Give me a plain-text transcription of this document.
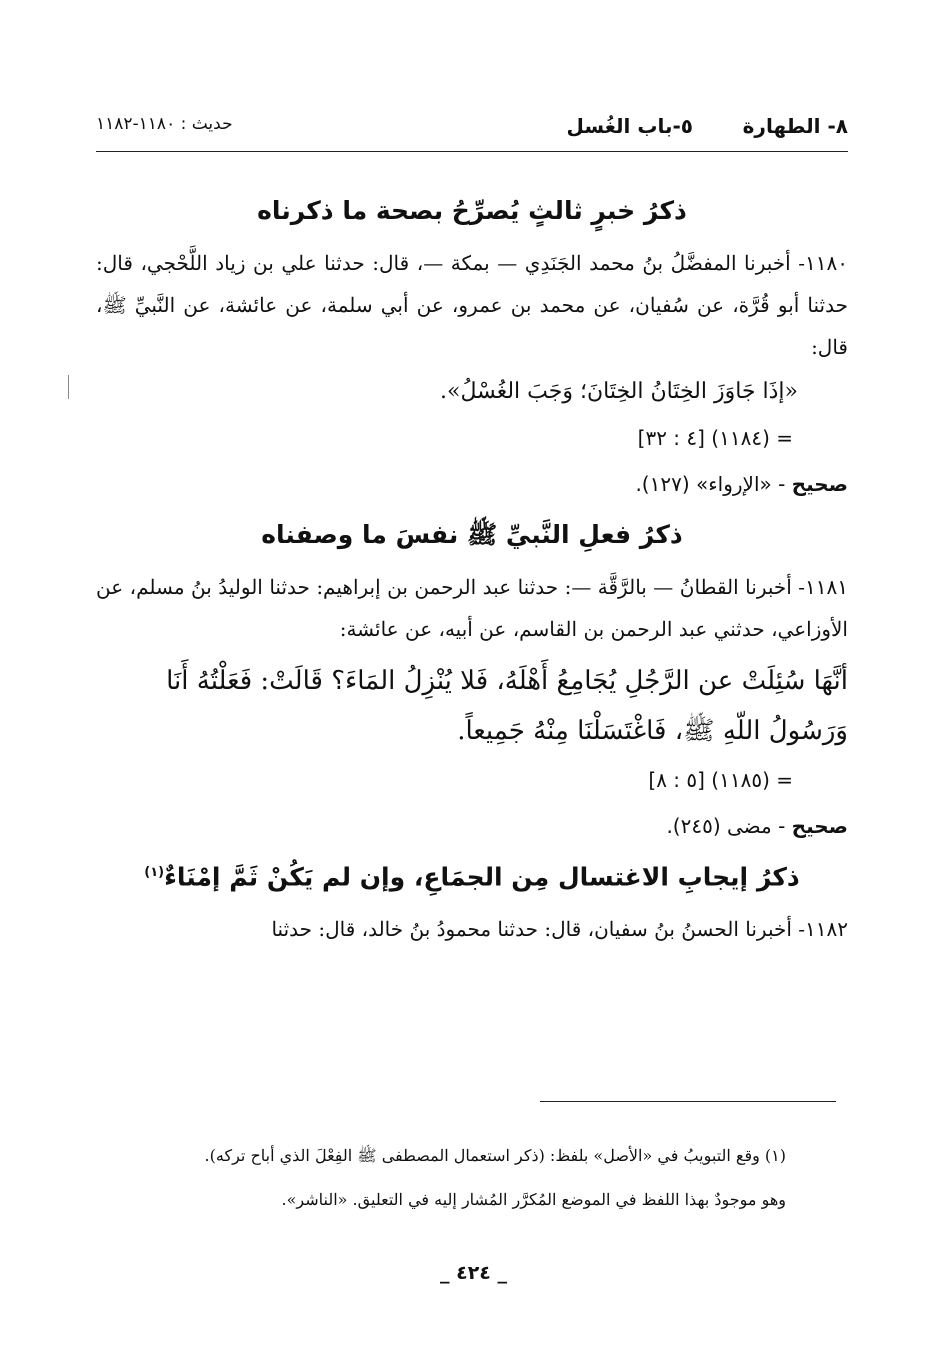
٨- الطهارة
٥-باب الغُسل
حديث : ١١٨٠-١١٨٢
ذكرُ خبرٍ ثالثٍ يُصرِّحُ بصحة ما ذكرناه

١١٨٠- أخبرنا المفضَّلُ بنُ محمد الجَنَدِي — بمكة —، قال: حدثنا علي بن زياد اللَّحْجي، قال: حدثنا أبو قُرَّة، عن سُفيان، عن محمد بن عمرو، عن أبي سلمة، عن عائشة، عن النَّبيِّ ﷺ، قال:

«إذَا جَاوَزَ الخِتَانُ الخِتَانَ؛ وَجَبَ الغُسْلُ».

= (١١٨٤) [٤ : ٣٢]

صحيح - «الإرواء» (١٢٧).

ذكرُ فعلِ النَّبيِّ ﷺ نفسَ ما وصفناه

١١٨١- أخبرنا القطانُ — بالرَّقَّة —: حدثنا عبد الرحمن بن إبراهيم: حدثنا الوليدُ بنُ مسلم، عن الأوزاعي، حدثني عبد الرحمن بن القاسم، عن أبيه، عن عائشة:

أنَّهَا سُئِلَتْ عن الرَّجُلِ يُجَامِعُ أَهْلَهُ، فَلا يُنْزِلُ المَاءَ؟ قَالَتْ: فَعَلْتُهُ أَنَا
وَرَسُولُ اللّهِ ﷺ، فَاغْتَسَلْنَا مِنْهُ جَمِيعاً.

= (١١٨٥) [٥ : ٨]

صحيح - مضى (٢٤٥).

ذكرُ إيجابِ الاغتسال مِن الجمَاعِ، وإن لم يَكُنْ ثَمَّ إمْنَاءٌ$^{(١)}$

١١٨٢- أخبرنا الحسنُ بنُ سفيان، قال: حدثنا محمودُ بنُ خالد، قال: حدثنا

(١) وقع التبويبُ في «الأصل» بلفظ: (ذكر استعمال المصطفى ﷺ الفِعْلَ الذي أباح تركه).

وهو موجودٌ بهذا اللفظ في الموضع المُكرَّر المُشار إليه في التعليق. «الناشر».

_ ٤٢٤ _
